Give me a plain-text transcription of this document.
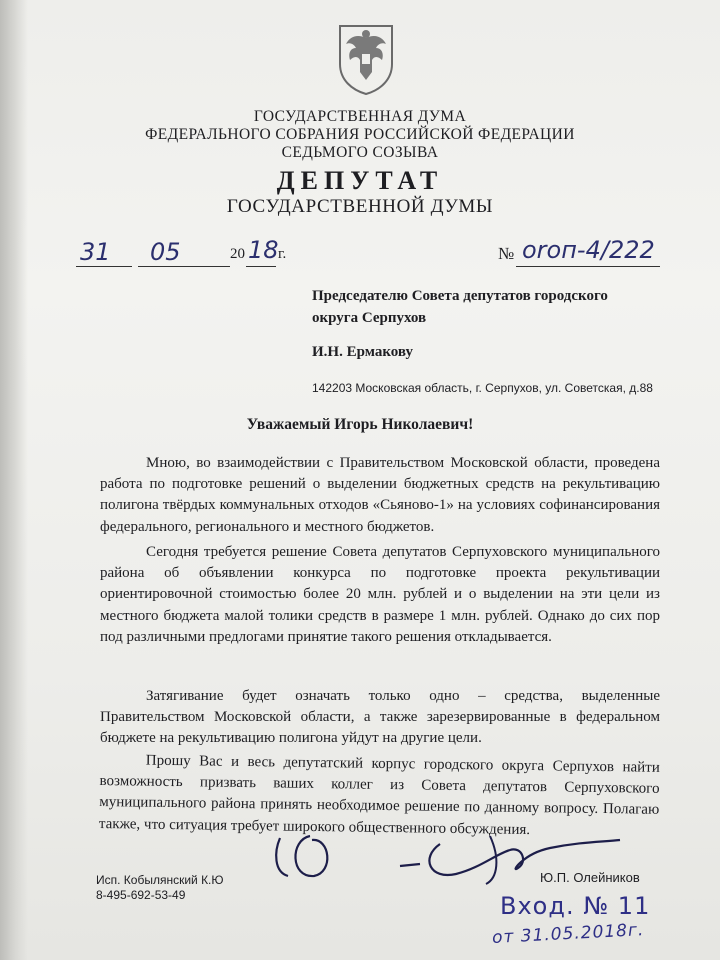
ГОСУДАРСТВЕННАЯ ДУМА

ФЕДЕРАЛЬНОГО СОБРАНИЯ РОССИЙСКОЙ ФЕДЕРАЦИИ

СЕДЬМОГО СОЗЫВА

ДЕПУТАТ

ГОСУДАРСТВЕННОЙ ДУМЫ

31	05	20 18 г.	№ оrоп-4/222

Председателю Совета депутатов городского

округа Серпухов

И.Н. Ермакову

142203 Московская область, г. Серпухов, ул. Советская, д.88

Уважаемый Игорь Николаевич!

Мною, во взаимодействии с Правительством Московской области, проведена работа по подготовке решений о выделении бюджетных средств на рекультивацию полигона твёрдых коммунальных отходов «Сьяново-1» на условиях софинансирования федерального, регионального и местного бюджетов.

Сегодня требуется решение Совета депутатов Серпуховского муниципального района об объявлении конкурса по подготовке проекта рекультивации ориентировочной стоимостью более 20 млн. рублей и о выделении на эти цели из местного бюджета малой толики средств в размере 1 млн. рублей. Однако до сих пор под различными предлогами принятие такого решения откладывается.

Затягивание будет означать только одно – средства, выделенные Правительством Московской области, а также зарезервированные в федеральном бюджете на рекультивацию полигона уйдут на другие цели.

Прошу Вас и весь депутатский корпус городского округа Серпухов найти возможность призвать ваших коллег из Совета депутатов Серпуховского муниципального района принять необходимое решение по данному вопросу. Полагаю также, что ситуация требует широкого общественного обсуждения.

Исп. Кобылянский К.Ю

8-495-692-53-49

Ю.П. Олейников

Вход. № 11

от 31.05.2018г.
